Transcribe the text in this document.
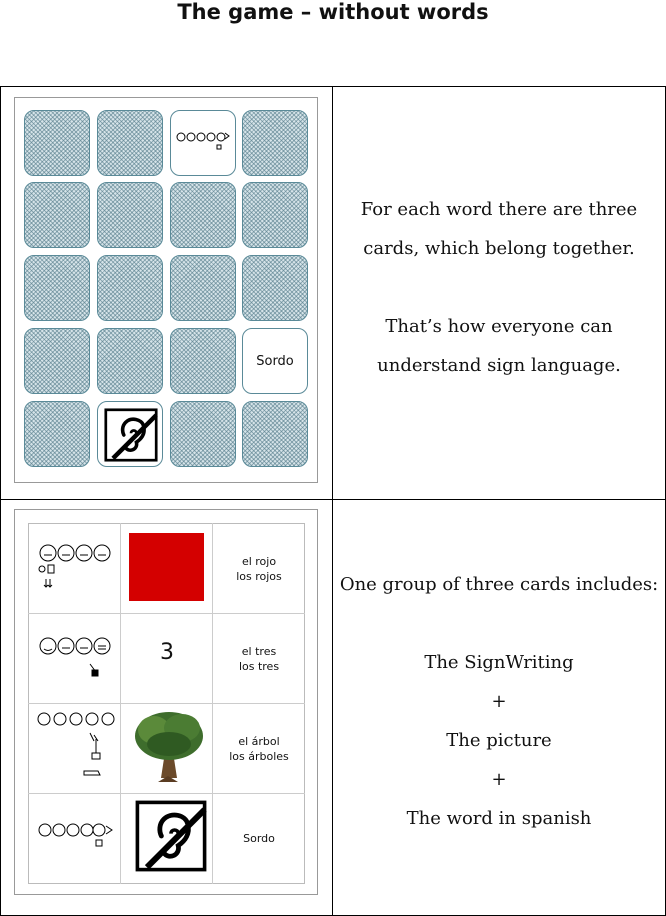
The game – without words
Sordo
For each word there are three
cards, which belong together.

That’s how everyone can
understand sign language.
3
el rojo
los rojos
el tres
los tres
el árbol
los árboles
Sordo
One group of three cards includes:

The SignWriting
+
The picture
+
The word in spanish
